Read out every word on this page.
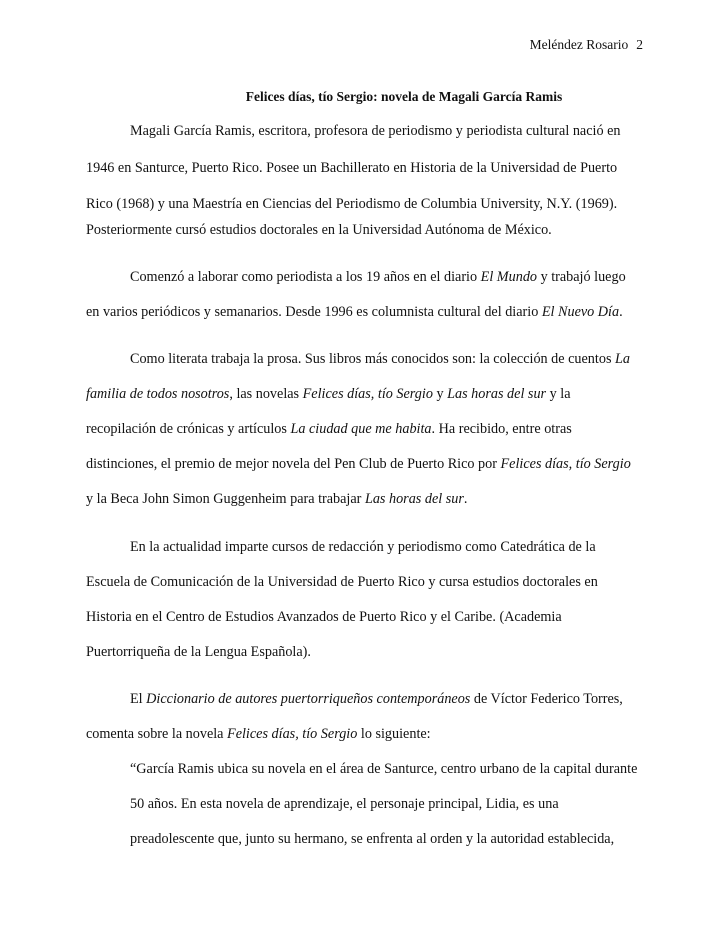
Meléndez Rosario 2
Felices días, tío Sergio: novela de Magali García Ramis
Magali García Ramis, escritora, profesora de periodismo y periodista cultural nació en
1946 en Santurce, Puerto Rico. Posee un Bachillerato en Historia de la Universidad de Puerto
Rico (1968) y una Maestría en Ciencias del Periodismo de Columbia University, N.Y. (1969).
Posteriormente cursó estudios doctorales en la Universidad Autónoma de México.
Comenzó a laborar como periodista a los 19 años en el diario El Mundo y trabajó luego
en varios periódicos y semanarios. Desde 1996 es columnista cultural del diario El Nuevo Día.
Como literata trabaja la prosa. Sus libros más conocidos son: la colección de cuentos La
familia de todos nosotros, las novelas Felices días, tío Sergio y Las horas del sur y la
recopilación de crónicas y artículos La ciudad que me habita. Ha recibido, entre otras
distinciones, el premio de mejor novela del Pen Club de Puerto Rico por Felices días, tío Sergio
y la Beca John Simon Guggenheim para trabajar Las horas del sur.
En la actualidad imparte cursos de redacción y periodismo como Catedrática de la
Escuela de Comunicación de la Universidad de Puerto Rico y cursa estudios doctorales en
Historia en el Centro de Estudios Avanzados de Puerto Rico y el Caribe. (Academia
Puertorriqueña de la Lengua Española).
El Diccionario de autores puertorriqueños contemporáneos de Víctor Federico Torres,
comenta sobre la novela Felices días, tío Sergio lo siguiente:
“García Ramis ubica su novela en el área de Santurce, centro urbano de la capital durante
50 años. En esta novela de aprendizaje, el personaje principal, Lidia, es una
preadolescente que, junto su hermano, se enfrenta al orden y la autoridad establecida,
